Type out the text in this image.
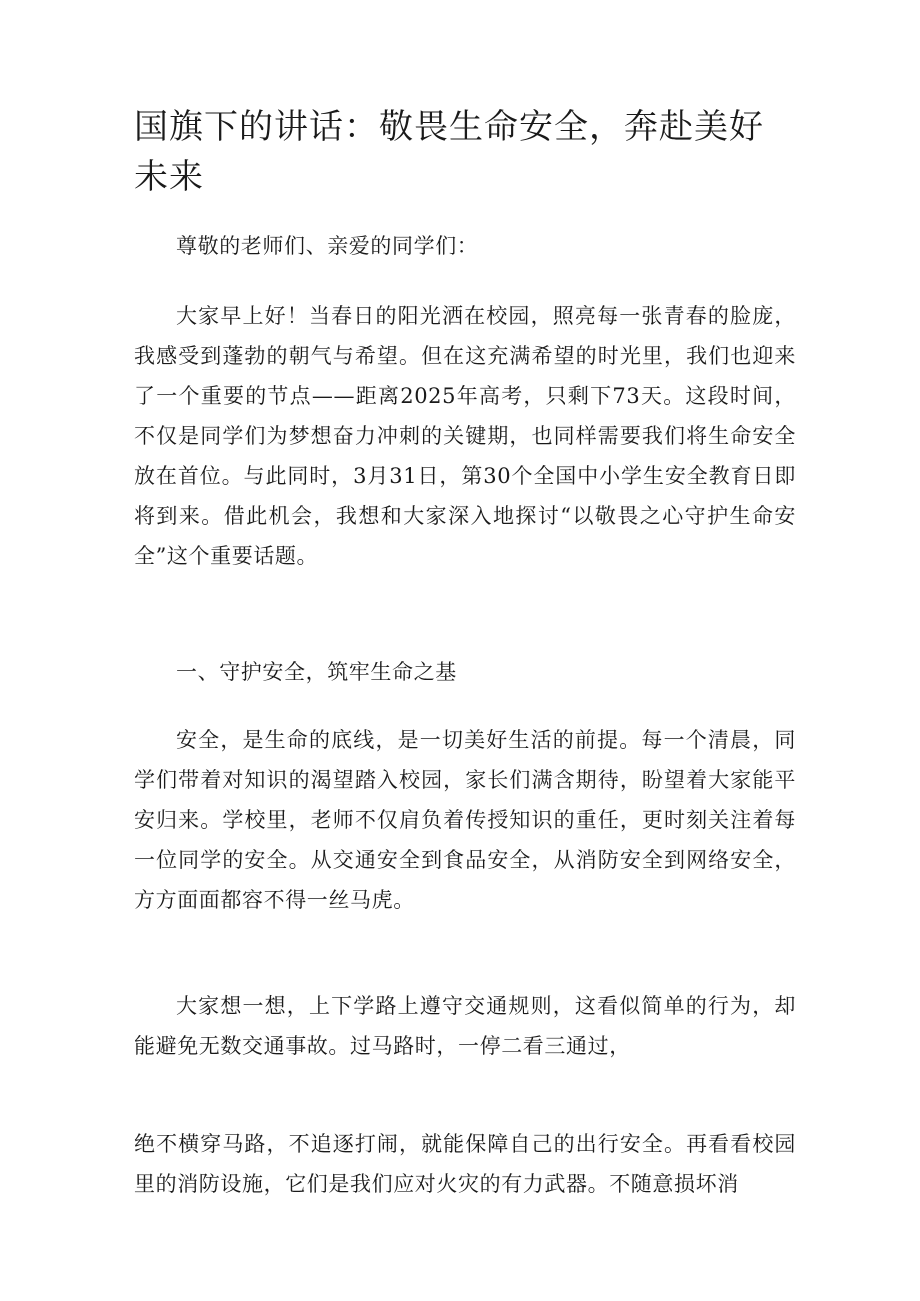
国旗下的讲话：敬畏生命安全，奔赴美好未来

尊敬的老师们、亲爱的同学们：

大家早上好！当春日的阳光洒在校园，照亮每一张青春的脸庞，我感受到蓬勃的朝气与希望。但在这充满希望的时光里，我们也迎来了一个重要的节点——距离2025年高考，只剩下73天。这段时间，不仅是同学们为梦想奋力冲刺的关键期，也同样需要我们将生命安全放在首位。与此同时，3月31日，第30个全国中小学生安全教育日即将到来。借此机会，我想和大家深入地探讨“以敬畏之心守护生命安全”这个重要话题。

一、守护安全，筑牢生命之基

安全，是生命的底线，是一切美好生活的前提。每一个清晨，同学们带着对知识的渴望踏入校园，家长们满含期待，盼望着大家能平安归来。学校里，老师不仅肩负着传授知识的重任，更时刻关注着每一位同学的安全。从交通安全到食品安全，从消防安全到网络安全，方方面面都容不得一丝马虎。

大家想一想，上下学路上遵守交通规则，这看似简单的行为，却能避免无数交通事故。过马路时，一停二看三通过，

绝不横穿马路，不追逐打闹，就能保障自己的出行安全。再看看校园里的消防设施，它们是我们应对火灾的有力武器。不随意损坏消
